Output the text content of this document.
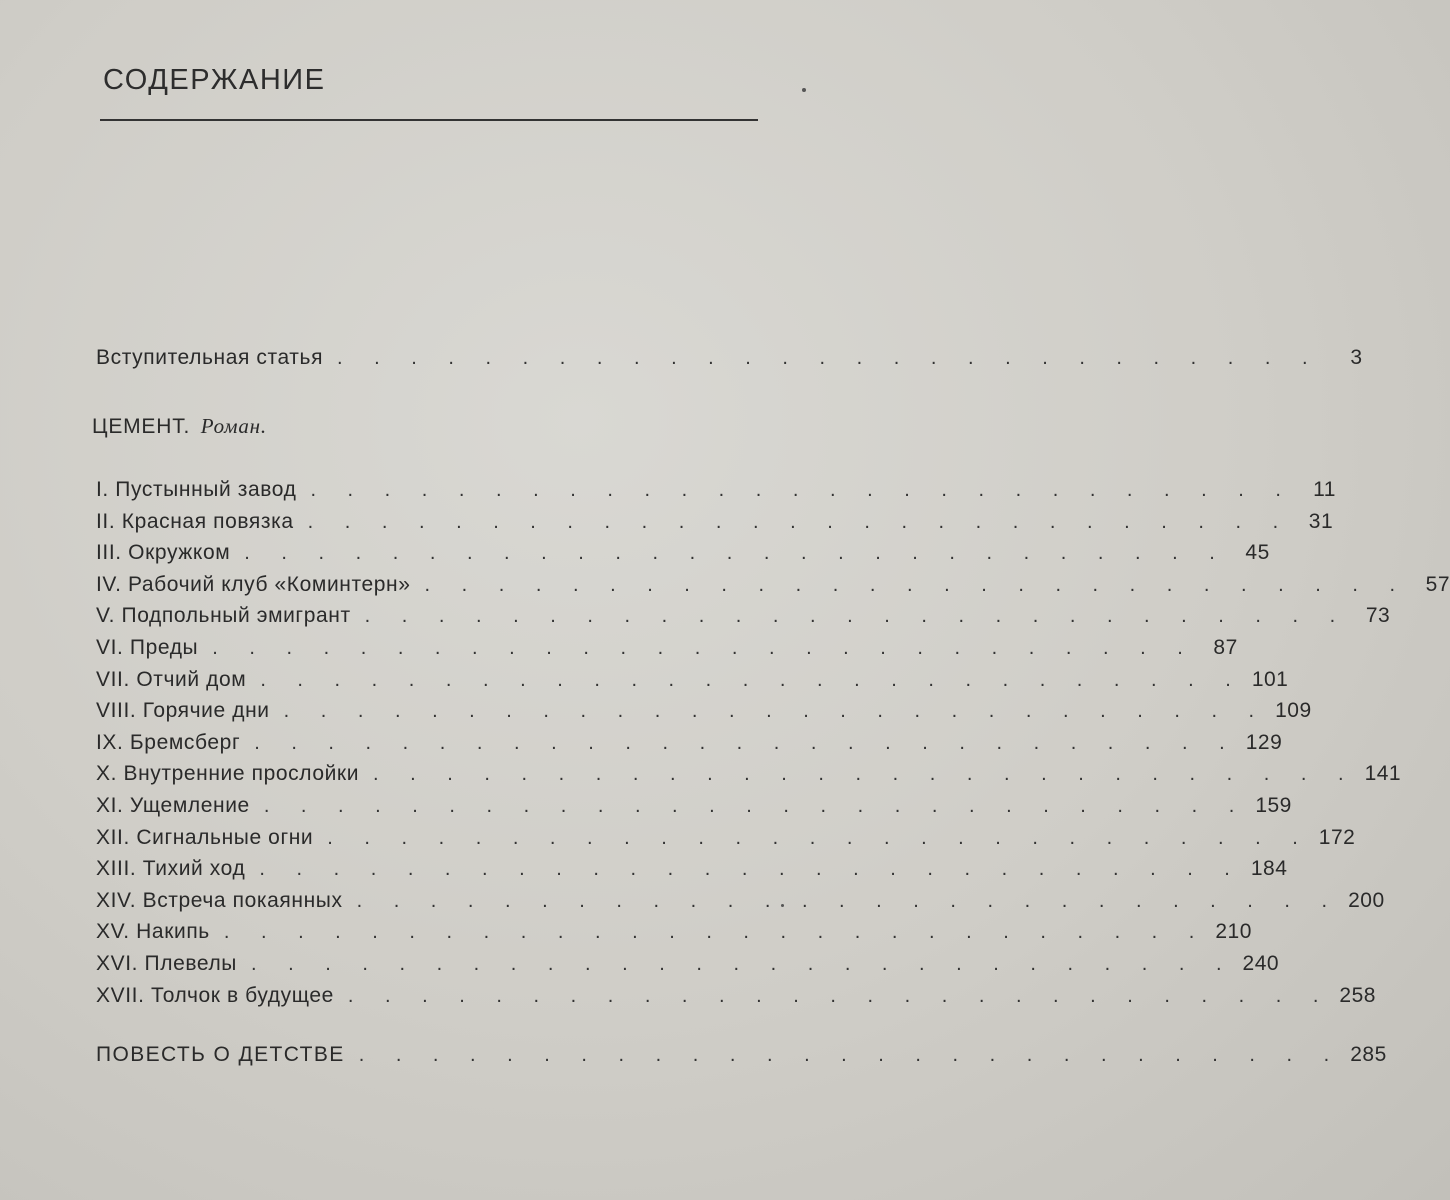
СОДЕРЖАНИЕ
Вступительная статья . . . . . . . . . . . . . . . . . . . . . . . . . . .	3
ЦЕМЕНТ. Роман.
I. Пустынный завод . . . . . . . . . . . . . . . . . . . . . . . . . . . 11
II. Красная повязка . . . . . . . . . . . . . . . . . . . . . . . . . . . 31
III. Окружком . . . . . . . . . . . . . . . . . . . . . . . . . . . 45
IV. Рабочий клуб «Коминтерн» . . . . . . . . . . . . . . . . . . . . . . . . . . . 57
V. Подпольный эмигрант . . . . . . . . . . . . . . . . . . . . . . . . . . . 73
VI. Преды . . . . . . . . . . . . . . . . . . . . . . . . . . . 87
VII. Отчий дом . . . . . . . . . . . . . . . . . . . . . . . . . . . 101
VIII. Горячие дни . . . . . . . . . . . . . . . . . . . . . . . . . . . 109
IX. Бремсберг . . . . . . . . . . . . . . . . . . . . . . . . . . . 129
X. Внутренние прослойки . . . . . . . . . . . . . . . . . . . . . . . . . . . 141
XI. Ущемление . . . . . . . . . . . . . . . . . . . . . . . . . . . 159
XII. Сигнальные огни . . . . . . . . . . . . . . . . . . . . . . . . . . . 172
XIII. Тихий ход . . . . . . . . . . . . . . . . . . . . . . . . . . . 184
XIV. Встреча покаянных . . . . . . . . . . . . . . . . . . . . . . . . . . . 200
XV. Накипь . . . . . . . . . . . . . . . . . . . . . . . . . . . 210
XVI. Плевелы . . . . . . . . . . . . . . . . . . . . . . . . . . . 240
XVII. Толчок в будущее . . . . . . . . . . . . . . . . . . . . . . . . . . . 258
ПОВЕСТЬ О ДЕТСТВЕ . . . . . . . . . . . . . . . . . . . . . . . . . . . 285
